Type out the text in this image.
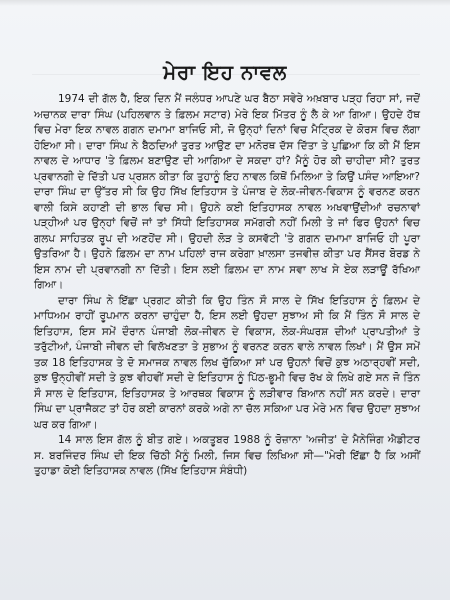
ਮੇਰਾ ਇਹ ਨਾਵਲ

1974 ਦੀ ਗੱਲ ਹੈ, ਇਕ ਦਿਨ ਮੈਂ ਜਲੰਧਰ ਆਪਣੇ ਘਰ ਬੈਠਾ ਸਵੇਰੇ ਅਖ਼ਬਾਰ ਪੜ੍ਹ ਰਿਹਾ ਸਾਂ, ਜਦੋਂ ਅਚਾਨਕ ਦਾਰਾ ਸਿੰਘ (ਪਹਿਲਵਾਨ ਤੇ ਫ਼ਿਲਮ ਸਟਾਰ) ਮੇਰੇ ਇਕ ਮਿੱਤਰ ਨੂੰ ਲੈ ਕੇ ਆ ਗਿਆ। ਉਹਦੇ ਹੱਥ ਵਿਚ ਮੇਰਾ ਇਕ ਨਾਵਲ ਗਗਨ ਦਮਾਮਾ ਬਾਜਿਓ ਸੀ, ਜੋ ਉਨ੍ਹਾਂ ਦਿਨਾਂ ਵਿਚ ਮੈਟ੍ਰਿਕ ਦੇ ਕੋਰਸ ਵਿਚ ਲੱਗਾ ਹੋਇਆ ਸੀ। ਦਾਰਾ ਸਿੰਘ ਨੇ ਬੈਠਦਿਆਂ ਤੁਰਤ ਆਉਣ ਦਾ ਮਨੋਰਥ ਦੱਸ ਦਿੱਤਾ ਤੇ ਪੁਛਿਆ ਕਿ ਕੀ ਮੈਂ ਇਸ ਨਾਵਲ ਦੇ ਆਧਾਰ 'ਤੇ ਫ਼ਿਲਮ ਬਣਾਉਣ ਦੀ ਆਗਿਆ ਦੇ ਸਕਦਾ ਹਾਂ? ਮੈਨੂੰ ਹੋਰ ਕੀ ਚਾਹੀਦਾ ਸੀ? ਤੁਰਤ ਪ੍ਰਵਾਨਗੀ ਦੇ ਦਿੱਤੀ ਪਰ ਪ੍ਰਸ਼ਨ ਕੀਤਾ ਕਿ ਤੁਹਾਨੂੰ ਇਹ ਨਾਵਲ ਕਿਥੋਂ ਮਿਲਿਆ ਤੇ ਕਿਉਂ ਪਸੰਦ ਆਇਆ? ਦਾਰਾ ਸਿੰਘ ਦਾ ਉੱਤਰ ਸੀ ਕਿ ਉਹ ਸਿੱਖ ਇਤਿਹਾਸ ਤੇ ਪੰਜਾਬ ਦੇ ਲੋਕ-ਜੀਵਨ-ਵਿਕਾਸ ਨੂੰ ਵਰਨਣ ਕਰਨ ਵਾਲੀ ਕਿਸੇ ਕਹਾਣੀ ਦੀ ਭਾਲ ਵਿਚ ਸੀ। ਉਹਨੇ ਕਈ ਇਤਿਹਾਸਕ ਨਾਵਲ ਅਖਵਾਉਂਦੀਆਂ ਰਚਨਾਵਾਂ ਪੜ੍ਹੀਆਂ ਪਰ ਉਨ੍ਹਾਂ ਵਿਚੋਂ ਜਾਂ ਤਾਂ ਸਿੱਧੀ ਇਤਿਹਾਸਕ ਸਮੱਗਰੀ ਨਹੀਂ ਮਿਲੀ ਤੇ ਜਾਂ ਫਿਰ ਉਹਨਾਂ ਵਿਚ ਗਲਪ ਸਾਹਿਤਕ ਰੂਪ ਦੀ ਅਣਹੋਂਦ ਸੀ। ਉਹਦੀ ਲੋੜ ਤੇ ਕਸਵੱਟੀ 'ਤੇ ਗਗਨ ਦਮਾਮਾ ਬਾਜਿਓ ਹੀ ਪੂਰਾ ਉਤਰਿਆ ਹੈ। ਉਹਨੇ ਫ਼ਿਲਮ ਦਾ ਨਾਮ ਪਹਿਲਾਂ ਰਾਜ ਕਰੇਗਾ ਖ਼ਾਲਸਾ ਤਜਵੀਜ਼ ਕੀਤਾ ਪਰ ਸੈਂਸਰ ਬੋਰਡ ਨੇ ਇਸ ਨਾਮ ਦੀ ਪ੍ਰਵਾਨਗੀ ਨਾ ਦਿੱਤੀ। ਇਸ ਲਈ ਫ਼ਿਲਮ ਦਾ ਨਾਮ ਸਵਾ ਲਾਖ ਸੇ ਏਕ ਲੜਾਊਂ ਰੱਖਿਆ ਗਿਆ।

ਦਾਰਾ ਸਿੰਘ ਨੇ ਇੱਛਾ ਪ੍ਰਗਟ ਕੀਤੀ ਕਿ ਉਹ ਤਿੰਨ ਸੌ ਸਾਲ ਦੇ ਸਿੱਖ ਇਤਿਹਾਸ ਨੂੰ ਫ਼ਿਲਮ ਦੇ ਮਾਧਿਅਮ ਰਾਹੀਂ ਰੂਪਮਾਨ ਕਰਨਾ ਚਾਹੁੰਦਾ ਹੈ, ਇਸ ਲਈ ਉਹਦਾ ਸੁਝਾਅ ਸੀ ਕਿ ਮੈਂ ਤਿੰਨ ਸੌ ਸਾਲ ਦੇ ਇਤਿਹਾਸ, ਇਸ ਸਮੇਂ ਦੌਰਾਨ ਪੰਜਾਬੀ ਲੋਕ-ਜੀਵਨ ਦੇ ਵਿਕਾਸ, ਲੋਕ-ਸੰਘਰਸ਼ ਦੀਆਂ ਪ੍ਰਾਪਤੀਆਂ ਤੇ ਤਰੁੱਟੀਆਂ, ਪੰਜਾਬੀ ਜੀਵਨ ਦੀ ਵਿਲੱਖਣਤਾ ਤੇ ਸੁਭਾਅ ਨੂੰ ਵਰਨਣ ਕਰਨ ਵਾਲੇ ਨਾਵਲ ਲਿਖਾਂ। ਮੈਂ ਉਸ ਸਮੇਂ ਤਕ 18 ਇਤਿਹਾਸਕ ਤੇ ਦੋ ਸਮਾਜਕ ਨਾਵਲ ਲਿਖ ਚੁੱਕਿਆ ਸਾਂ ਪਰ ਉਹਨਾਂ ਵਿਚੋਂ ਕੁਝ ਅਠਾਰ੍ਹਵੀਂ ਸਦੀ, ਕੁਝ ਉਨ੍ਹੀਵੀਂ ਸਦੀ ਤੇ ਕੁਝ ਵੀਹਵੀਂ ਸਦੀ ਦੇ ਇਤਿਹਾਸ ਨੂੰ ਪਿੱਠ-ਭੂਮੀ ਵਿਚ ਰੱਖ ਕੇ ਲਿਖੇ ਗਏ ਸਨ ਜੋ ਤਿੰਨ ਸੌ ਸਾਲ ਦੇ ਇਤਿਹਾਸ, ਇਤਿਹਾਸਕ ਤੇ ਆਰਥਕ ਵਿਕਾਸ ਨੂੰ ਲੜੀਵਾਰ ਬਿਆਨ ਨਹੀਂ ਸਨ ਕਰਦੇ। ਦਾਰਾ ਸਿੰਘ ਦਾ ਪ੍ਰਾਜੈਕਟ ਤਾਂ ਹੋਰ ਕਈ ਕਾਰਨਾਂ ਕਰਕੇ ਅਗੇ ਨਾ ਚੱਲ ਸਕਿਆ ਪਰ ਮੇਰੇ ਮਨ ਵਿਚ ਉਹਦਾ ਸੁਝਾਅ ਘਰ ਕਰ ਗਿਆ।

14 ਸਾਲ ਇਸ ਗੱਲ ਨੂੰ ਬੀਤ ਗਏ। ਅਕਤੂਬਰ 1988 ਨੂੰ ਰੋਜ਼ਾਨਾ 'ਅਜੀਤ' ਦੇ ਮੈਨੇਜਿੰਗ ਐਡੀਟਰ ਸ. ਬਰਜਿੰਦਰ ਸਿੰਘ ਦੀ ਇਕ ਚਿੱਠੀ ਮੈਨੂੰ ਮਿਲੀ, ਜਿਸ ਵਿਚ ਲਿਖਿਆ ਸੀ—"ਮੇਰੀ ਇੱਛਾ ਹੈ ਕਿ ਅਸੀਂ ਤੁਹਾਡਾ ਕੋਈ ਇਤਿਹਾਸਕ ਨਾਵਲ (ਸਿੱਖ ਇਤਿਹਾਸ ਸੰਬੰਧੀ)
